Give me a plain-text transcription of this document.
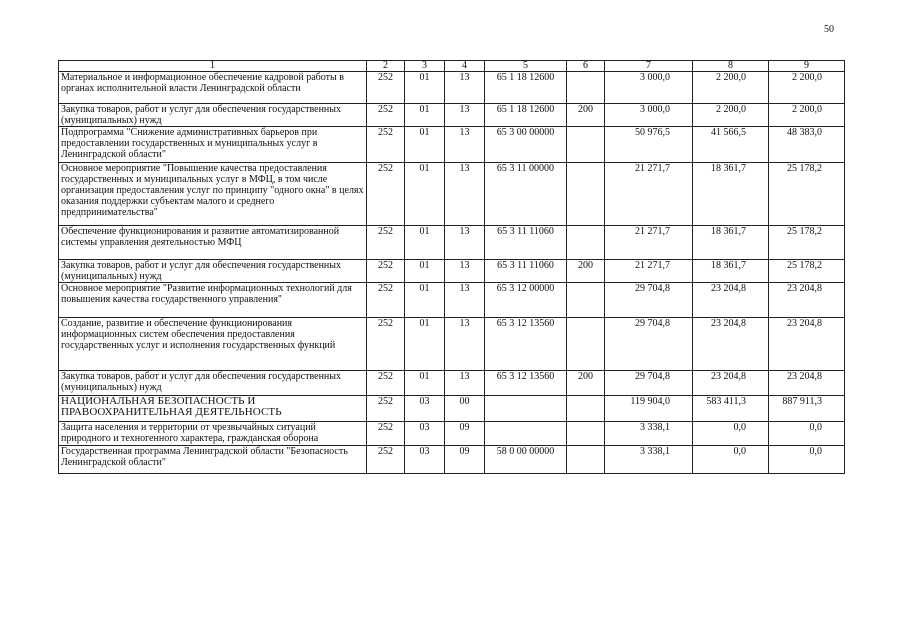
50
1	2	3	4	5	6	7	8	9
Материальное и информационное обеспечение кадровой работы в органах исполнительной власти Ленинградской области	252	01	13	65 1 18 12600		3 000,0	2 200,0	2 200,0
Закупка товаров, работ и услуг для обеспечения государственных (муниципальных) нужд	252	01	13	65 1 18 12600	200	3 000,0	2 200,0	2 200,0
Подпрограмма "Снижение административных барьеров при предоставлении государственных и муниципальных услуг в Ленинградской области"	252	01	13	65 3 00 00000		50 976,5	41 566,5	48 383,0
Основное мероприятие "Повышение качества предоставления государственных и муниципальных услуг в МФЦ, в том числе организация предоставления услуг по принципу "одного окна" в целях оказания поддержки субъектам малого и среднего предпринимательства"	252	01	13	65 3 11 00000		21 271,7	18 361,7	25 178,2
Обеспечение функционирования и развитие автоматизированной системы управления деятельностью МФЦ	252	01	13	65 3 11 11060		21 271,7	18 361,7	25 178,2
Закупка товаров, работ и услуг для обеспечения государственных (муниципальных) нужд	252	01	13	65 3 11 11060	200	21 271,7	18 361,7	25 178,2
Основное мероприятие "Развитие информационных технологий для повышения качества государственного управления"	252	01	13	65 3 12 00000		29 704,8	23 204,8	23 204,8
Создание, развитие и обеспечение функционирования информационных систем обеспечения предоставления государственных услуг и исполнения государственных функций	252	01	13	65 3 12 13560		29 704,8	23 204,8	23 204,8
Закупка товаров, работ и услуг для обеспечения государственных (муниципальных) нужд	252	01	13	65 3 12 13560	200	29 704,8	23 204,8	23 204,8
НАЦИОНАЛЬНАЯ БЕЗОПАСНОСТЬ И ПРАВООХРАНИТЕЛЬНАЯ ДЕЯТЕЛЬНОСТЬ	252	03	00			119 904,0	583 411,3	887 911,3
Защита населения и территории от чрезвычайных ситуаций природного и техногенного характера, гражданская оборона	252	03	09			3 338,1	0,0	0,0
Государственная программа Ленинградской области "Безопасность Ленинградской области"	252	03	09	58 0 00 00000		3 338,1	0,0	0,0
